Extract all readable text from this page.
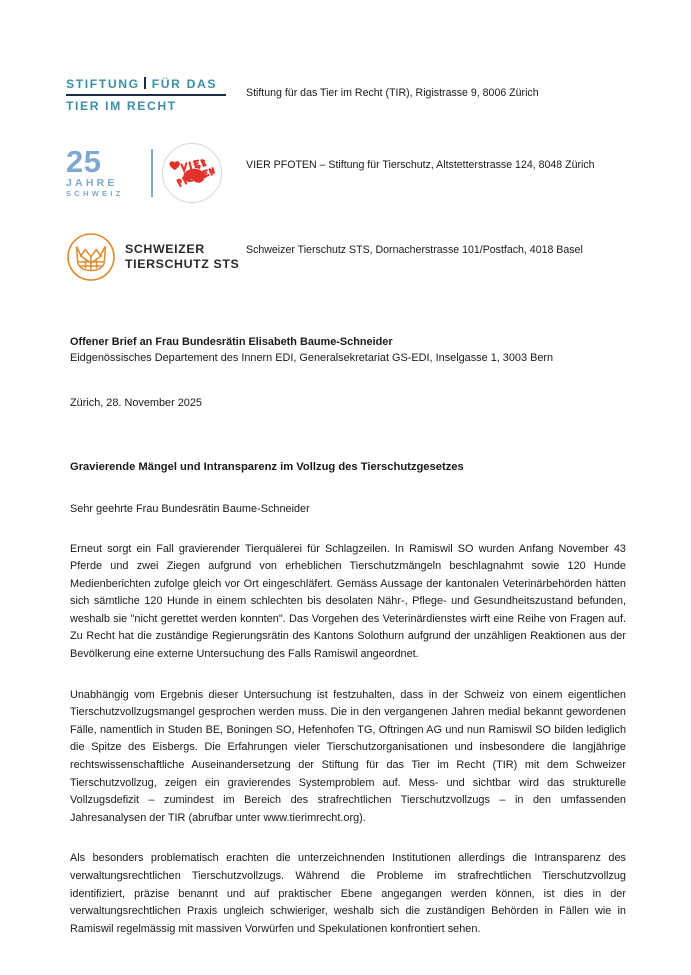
STIFTUNG FÜR DAS
TIER IM RECHT
Stiftung für das Tier im Recht (TIR), Rigistrasse 9, 8006 Zürich
25
JAHRE
SCHWEIZ
VIER PFOTEN – Stiftung für Tierschutz, Altstetterstrasse 124, 8048 Zürich
SCHWEIZER
TIERSCHUTZ STS
Schweizer Tierschutz STS, Dornacherstrasse 101/Postfach, 4018 Basel

Offener Brief an Frau Bundesrätin Elisabeth Baume-Schneider

Eidgenössisches Departement des Innern EDI, Generalsekretariat GS-EDI, Inselgasse 1, 3003 Bern

Zürich, 28. November 2025

Gravierende Mängel und Intransparenz im Vollzug des Tierschutzgesetzes

Sehr geehrte Frau Bundesrätin Baume-Schneider

Erneut sorgt ein Fall gravierender Tierquälerei für Schlagzeilen. In Ramiswil SO wurden Anfang November 43 Pferde und zwei Ziegen aufgrund von erheblichen Tierschutzmängeln beschlagnahmt sowie 120 Hunde Medienberichten zufolge gleich vor Ort eingeschläfert. Gemäss Aussage der kantonalen Veterinärbehörden hätten sich sämtliche 120 Hunde in einem schlechten bis desolaten Nähr-, Pflege- und Gesundheitszustand befunden, weshalb sie "nicht gerettet werden konnten". Das Vorgehen des Veterinärdienstes wirft eine Reihe von Fragen auf. Zu Recht hat die zuständige Regierungsrätin des Kantons Solothurn aufgrund der unzähligen Reaktionen aus der Bevölkerung eine externe Untersuchung des Falls Ramiswil angeordnet.

Unabhängig vom Ergebnis dieser Untersuchung ist festzuhalten, dass in der Schweiz von einem eigentlichen Tierschutzvollzugsmangel gesprochen werden muss. Die in den vergangenen Jahren medial bekannt gewordenen Fälle, namentlich in Studen BE, Boningen SO, Hefenhofen TG, Oftringen AG und nun Ramiswil SO bilden lediglich die Spitze des Eisbergs. Die Erfahrungen vieler Tierschutzorganisationen und insbesondere die langjährige rechtswissenschaftliche Auseinandersetzung der Stiftung für das Tier im Recht (TIR) mit dem Schweizer Tierschutzvollzug, zeigen ein gravierendes Systemproblem auf. Mess- und sichtbar wird das strukturelle Vollzugsdefizit – zumindest im Bereich des strafrechtlichen Tierschutzvollzugs – in den umfassenden Jahresanalysen der TIR (abrufbar unter www.tierimrecht.org).

Als besonders problematisch erachten die unterzeichnenden Institutionen allerdings die Intransparenz des verwaltungsrechtlichen Tierschutzvollzugs. Während die Probleme im strafrechtlichen Tierschutzvollzug identifiziert, präzise benannt und auf praktischer Ebene angegangen werden können, ist dies in der verwaltungsrechtlichen Praxis ungleich schwieriger, weshalb sich die zuständigen Behörden in Fällen wie in Ramiswil regelmässig mit massiven Vorwürfen und Spekulationen konfrontiert sehen.
